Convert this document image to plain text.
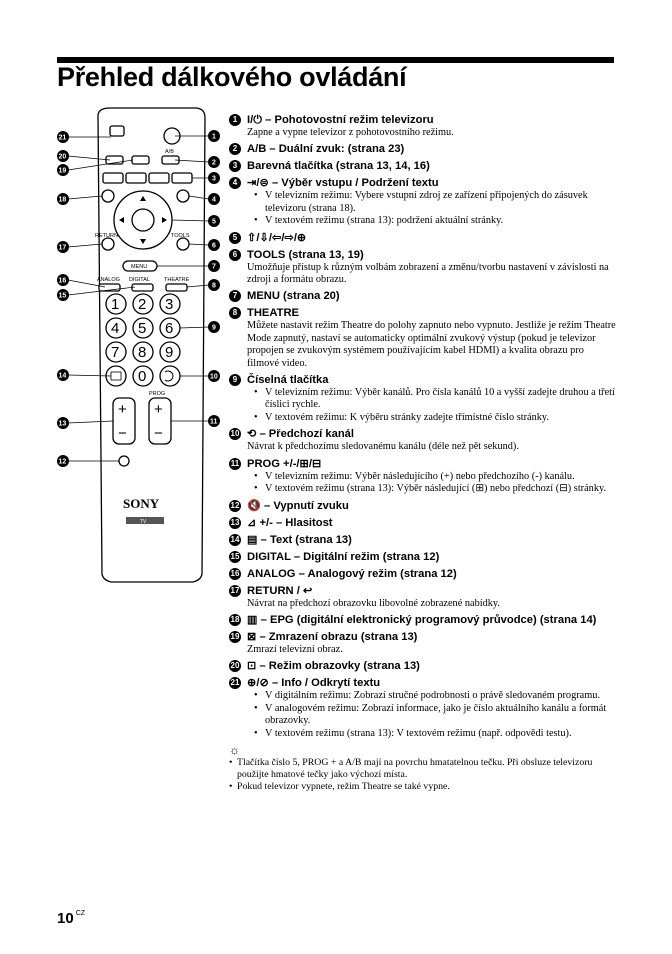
Přehled dálkového ovládání
A/B
RETURN	TOOLS
MENU
ANALOG DIGITAL	THEATRE
1 2 3
4 5 6
7 8 9
0
+
−
+
−
PROG
SONY
TV
21
20
19
18
17
16
15
14
13
12
1
2
3
4
5
6
7
8
9
10
11
1 I/⏻ – Pohotovostní režim televizoru
Zapne a vypne televizor z pohotovostního režimu.
2 A/B – Duální zvuk: (strana 23)
3 Barevná tlačítka (strana 13, 14, 16)
4 ⇥/⊜ – Výběr vstupu / Podržení textu
• V televizním režimu: Vybere vstupní zdroj ze zařízení připojených do zásuvek televizoru (strana 18).
• V textovém režimu (strana 13): podržení aktuální stránky.
5 ⇧/⇩/⇦/⇨/⊕
6 TOOLS (strana 13, 19)
Umožňuje přístup k různým volbám zobrazení a změnu/tvorbu nastavení v závislosti na zdroji a formátu obrazu.
7 MENU (strana 20)
8 THEATRE
Můžete nastavit režim Theatre do polohy zapnuto nebo vypnuto. Jestliže je režim Theatre Mode zapnutý, nastaví se automaticky optimální zvukový výstup (pokud je televizor propojen se zvukovým systémem používajícím kabel HDMI) a kvalita obrazu pro filmové video.
9 Číselná tlačítka
• V televizním režimu: Výběr kanálů. Pro čísla kanálů 10 a vyšší zadejte druhou a třetí číslici rychle.
• V textovém režimu: K výběru stránky zadejte třímístné číslo stránky.
10 ⟲ – Předchozí kanál
Návrat k předchozímu sledovanému kanálu (déle než pět sekund).
11 PROG +/-/⊞/⊟
• V televizním režimu: Výběr následujícího (+) nebo předchozího (-) kanálu.
• V textovém režimu (strana 13): Výběr následující (⊞) nebo předchozí (⊟) stránky.
12 🔇 – Vypnutí zvuku
13 ⊿ +/- – Hlasitost
14 ▤ – Text (strana 13)
15 DIGITAL – Digitální režim (strana 12)
16 ANALOG – Analogový režim (strana 12)
17 RETURN / ↩
Návrat na předchozí obrazovku libovolné zobrazené nabídky.
18 ▥ – EPG (digitální elektronický programový průvodce) (strana 14)
19 ⊠ – Zmrazení obrazu (strana 13)
Zmrazí televizní obraz.
20 ⊡ – Režim obrazovky (strana 13)
21 ⊕/⊘ – Info / Odkrytí textu
• V digitálním režimu: Zobrazí stručné podrobnosti o právě sledovaném programu.
• V analogovém režimu: Zobrazí informace, jako je číslo aktuálního kanálu a formát obrazovky.
• V textovém režimu (strana 13): V textovém režimu (např. odpovědi testu).
☼
• Tlačítka číslo 5, PROG + a A/B mají na povrchu hmatatelnou tečku. Při obsluze televizoru použijte hmatové tečky jako výchozí místa.
• Pokud televizor vypnete, režim Theatre se také vypne.
10 $^{CZ}$
